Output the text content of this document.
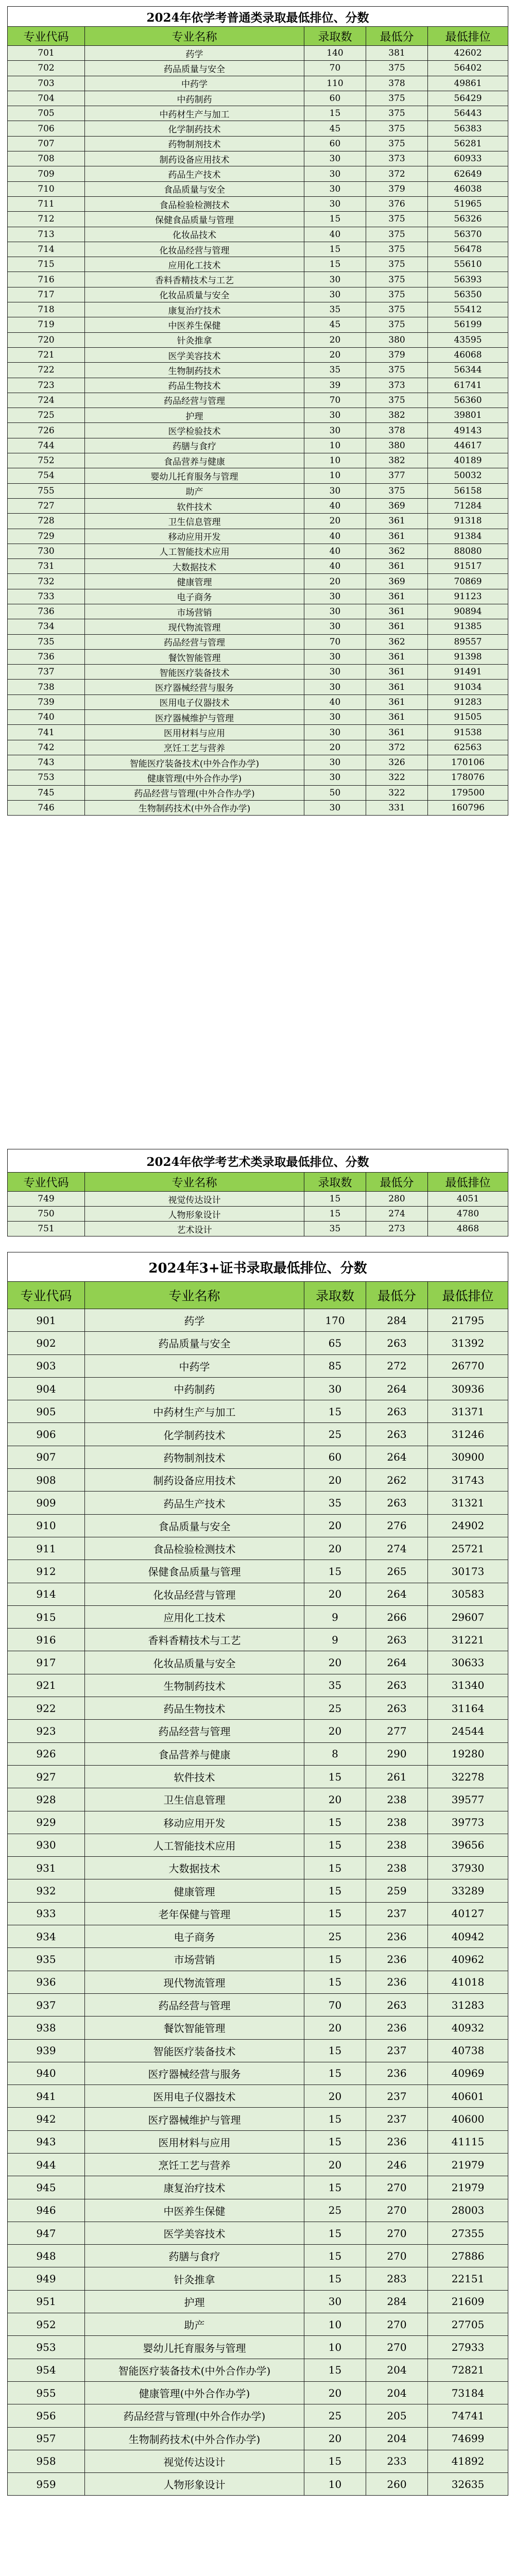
2024年依学考普通类录取最低排位、分数				
专业代码	专业名称	录取数	最低分	最低排位
701	药学	140	381	42602
702	药品质量与安全	70	375	56402
703	中药学	110	378	49861
704	中药制药	60	375	56429
705	中药材生产与加工	15	375	56443
706	化学制药技术	45	375	56383
707	药物制剂技术	60	375	56281
708	制药设备应用技术	30	373	60933
709	药品生产技术	30	372	62649
710	食品质量与安全	30	379	46038
711	食品检验检测技术	30	376	51965
712	保健食品质量与管理	15	375	56326
713	化妆品技术	40	375	56370
714	化妆品经营与管理	15	375	56478
715	应用化工技术	15	375	55610
716	香料香精技术与工艺	30	375	56393
717	化妆品质量与安全	30	375	56350
718	康复治疗技术	35	375	55412
719	中医养生保健	45	375	56199
720	针灸推拿	20	380	43595
721	医学美容技术	20	379	46068
722	生物制药技术	35	375	56344
723	药品生物技术	39	373	61741
724	药品经营与管理	70	375	56360
725	护理	30	382	39801
726	医学检验技术	30	378	49143
744	药膳与食疗	10	380	44617
752	食品营养与健康	10	382	40189
754	婴幼儿托育服务与管理	10	377	50032
755	助产	30	375	56158
727	软件技术	40	369	71284
728	卫生信息管理	20	361	91318
729	移动应用开发	40	361	91384
730	人工智能技术应用	40	362	88080
731	大数据技术	40	361	91517
732	健康管理	20	369	70869
733	电子商务	30	361	91123
736	市场营销	30	361	90894
734	现代物流管理	30	361	91385
735	药品经营与管理	70	362	89557
736	餐饮智能管理	30	361	91398
737	智能医疗装备技术	30	361	91491
738	医疗器械经营与服务	30	361	91034
739	医用电子仪器技术	40	361	91283
740	医疗器械维护与管理	30	361	91505
741	医用材料与应用	30	361	91538
742	烹饪工艺与营养	20	372	62563
743	智能医疗装备技术(中外合作办学)	30	326	170106
753	健康管理(中外合作办学)	30	322	178076
745	药品经营与管理(中外合作办学)	50	322	179500
746	生物制药技术(中外合作办学)	30	331	160796
2024年依学考艺术类录取最低排位、分数				
专业代码	专业名称	录取数	最低分	最低排位
749	视觉传达设计	15	280	4051
750	人物形象设计	15	274	4780
751	艺术设计	35	273	4868
2024年3+证书录取最低排位、分数				
专业代码	专业名称	录取数	最低分	最低排位
901	药学	170	284	21795
902	药品质量与安全	65	263	31392
903	中药学	85	272	26770
904	中药制药	30	264	30936
905	中药材生产与加工	15	263	31371
906	化学制药技术	25	263	31246
907	药物制剂技术	60	264	30900
908	制药设备应用技术	20	262	31743
909	药品生产技术	35	263	31321
910	食品质量与安全	20	276	24902
911	食品检验检测技术	20	274	25721
912	保健食品质量与管理	15	265	30173
914	化妆品经营与管理	20	264	30583
915	应用化工技术	9	266	29607
916	香料香精技术与工艺	9	263	31221
917	化妆品质量与安全	20	264	30633
921	生物制药技术	35	263	31340
922	药品生物技术	25	263	31164
923	药品经营与管理	20	277	24544
926	食品营养与健康	8	290	19280
927	软件技术	15	261	32278
928	卫生信息管理	20	238	39577
929	移动应用开发	15	238	39773
930	人工智能技术应用	15	238	39656
931	大数据技术	15	238	37930
932	健康管理	15	259	33289
933	老年保健与管理	15	237	40127
934	电子商务	25	236	40942
935	市场营销	15	236	40962
936	现代物流管理	15	236	41018
937	药品经营与管理	70	263	31283
938	餐饮智能管理	20	236	40932
939	智能医疗装备技术	15	237	40738
940	医疗器械经营与服务	15	236	40969
941	医用电子仪器技术	20	237	40601
942	医疗器械维护与管理	15	237	40600
943	医用材料与应用	15	236	41115
944	烹饪工艺与营养	20	246	21979
945	康复治疗技术	15	270	21979
946	中医养生保健	25	270	28003
947	医学美容技术	15	270	27355
948	药膳与食疗	15	270	27886
949	针灸推拿	15	283	22151
951	护理	30	284	21609
952	助产	10	270	27705
953	婴幼儿托育服务与管理	10	270	27933
954	智能医疗装备技术(中外合作办学)	15	204	72821
955	健康管理(中外合作办学)	20	204	73184
956	药品经营与管理(中外合作办学)	25	205	74741
957	生物制药技术(中外合作办学)	20	204	74699
958	视觉传达设计	15	233	41892
959	人物形象设计	10	260	32635
